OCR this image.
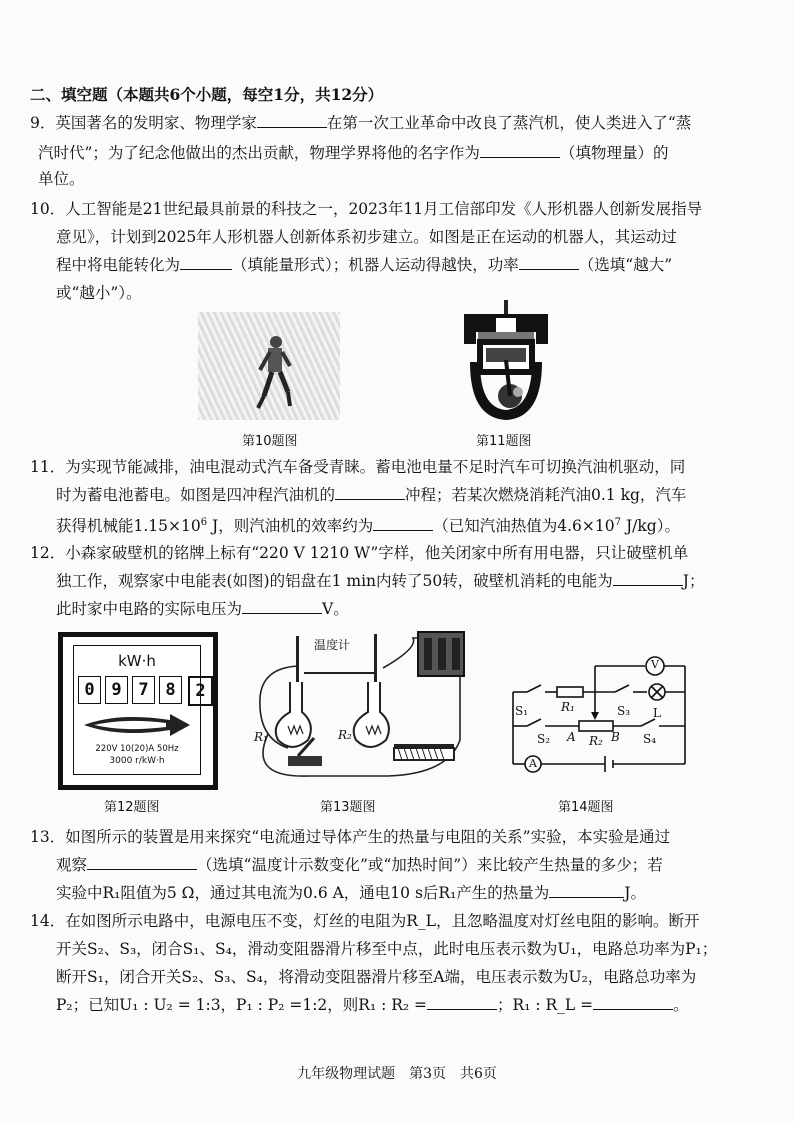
二、填空题（本题共6个小题，每空1分，共12分）
9．英国著名的发明家、物理学家	在第一次工业革命中改良了蒸汽机，使人类进入了“蒸
汽时代”；为了纪念他做出的杰出贡献，物理学界将他的名字作为	（填物理量）的
单位。
10．人工智能是21世纪最具前景的科技之一，2023年11月工信部印发《人形机器人创新发展指导
意见》，计划到2025年人形机器人创新体系初步建立。如图是正在运动的机器人，其运动过
程中将电能转化为	（填能量形式）；机器人运动得越快，功率	（选填“越大”
或“越小”）。
第10题图	第11题图
11．为实现节能减排，油电混动式汽车备受青睐。蓄电池电量不足时汽车可切换汽油机驱动，同
时为蓄电池蓄电。如图是四冲程汽油机的	冲程；若某次燃烧消耗汽油0.1 kg，汽车
获得机械能$1.15\times 10^6$ J，则汽油机的效率约为	（已知汽油热值为$4.6\times 10^7$ J/kg）。
12．小森家破壁机的铭牌上标有“220 V 1210 W”字样，他关闭家中所有用电器，只让破壁机单
独工作，观察家中电能表(如图)的铝盘在1 min内转了50转，破壁机消耗的电能为	J；
此时家中电路的实际电压为	V。
kW·h
0 9 7 8	2
220V 10(20)A 50Hz
3000 r/kW·h
第12题图
温度计
R₁	R₂
第13题图
V
A
S₁	R₁	S₃ L
S₂ A R₂ B S₄
第14题图
13．如图所示的装置是用来探究“电流通过导体产生的热量与电阻的关系”实验，本实验是通过
观察	（选填“温度计示数变化”或“加热时间”）来比较产生热量的多少；若
实验中R₁阻值为5 Ω，通过其电流为0.6 A，通电10 s后R₁产生的热量为	J。
14．在如图所示电路中，电源电压不变，灯丝的电阻为R_L，且忽略温度对灯丝电阻的影响。断开
开关S₂、S₃，闭合S₁、S₄，滑动变阻器滑片移至中点，此时电压表示数为U₁，电路总功率为P₁；
断开S₁，闭合开关S₂、S₃、S₄，将滑动变阻器滑片移至A端，电压表示数为U₂，电路总功率为
P₂；已知U₁ : U₂ = 1:3，P₁ : P₂ =1:2，则R₁ : R₂ =	；R₁ : R_L =	。
九年级物理试题　第3页　共6页
